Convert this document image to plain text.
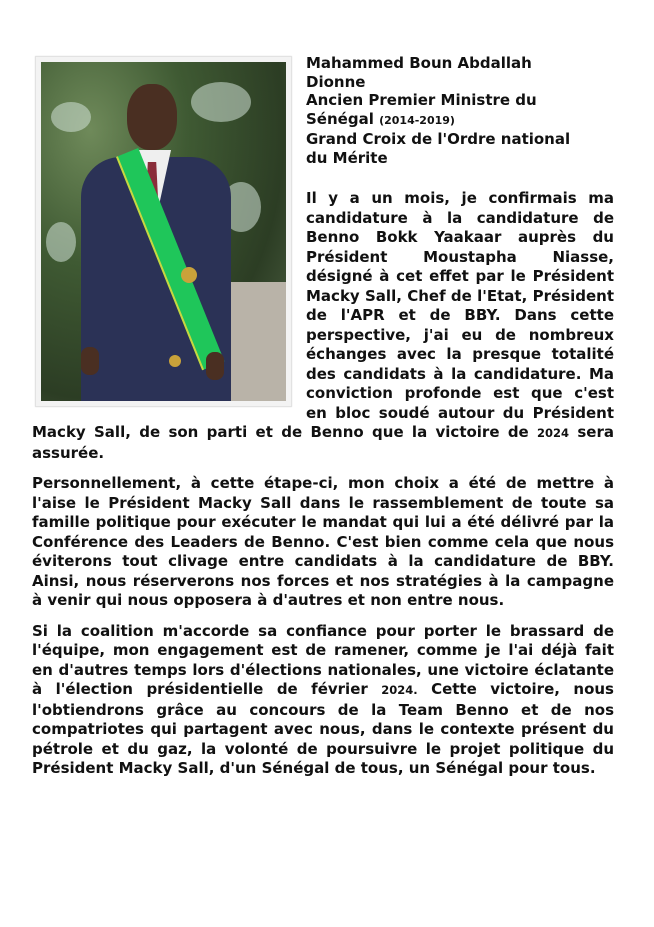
Mahammed Boun Abdallah
Dionne
Ancien Premier Ministre du
Sénégal (2014-2019)
Grand Croix de l'Ordre national
du Mérite

Il y a un mois, je confirmais ma candidature à la candidature de Benno Bokk Yaakaar auprès du Président Moustapha Niasse, désigné à cet effet par le Président Macky Sall, Chef de l'Etat, Président de l'APR et de BBY. Dans cette perspective, j'ai eu de nombreux échanges avec la presque totalité des candidats à la candidature. Ma conviction profonde est que c'est en bloc soudé autour du Président Macky Sall, de son parti et de Benno que la victoire de 2024 sera assurée.

Personnellement, à cette étape-ci, mon choix a été de mettre à l'aise le Président Macky Sall dans le rassemblement de toute sa famille politique pour exécuter le mandat qui lui a été délivré par la Conférence des Leaders de Benno. C'est bien comme cela que nous éviterons tout clivage entre candidats à la candidature de BBY. Ainsi, nous réserverons nos forces et nos stratégies à la campagne à venir qui nous opposera à d'autres et non entre nous.

Si la coalition m'accorde sa confiance pour porter le brassard de l'équipe, mon engagement est de ramener, comme je l'ai déjà fait en d'autres temps lors d'élections nationales, une victoire éclatante à l'élection présidentielle de février 2024. Cette victoire, nous l'obtiendrons grâce au concours de la Team Benno et de nos compatriotes qui partagent avec nous, dans le contexte présent du pétrole et du gaz, la volonté de poursuivre le projet politique du Président Macky Sall, d'un Sénégal de tous, un Sénégal pour tous.
